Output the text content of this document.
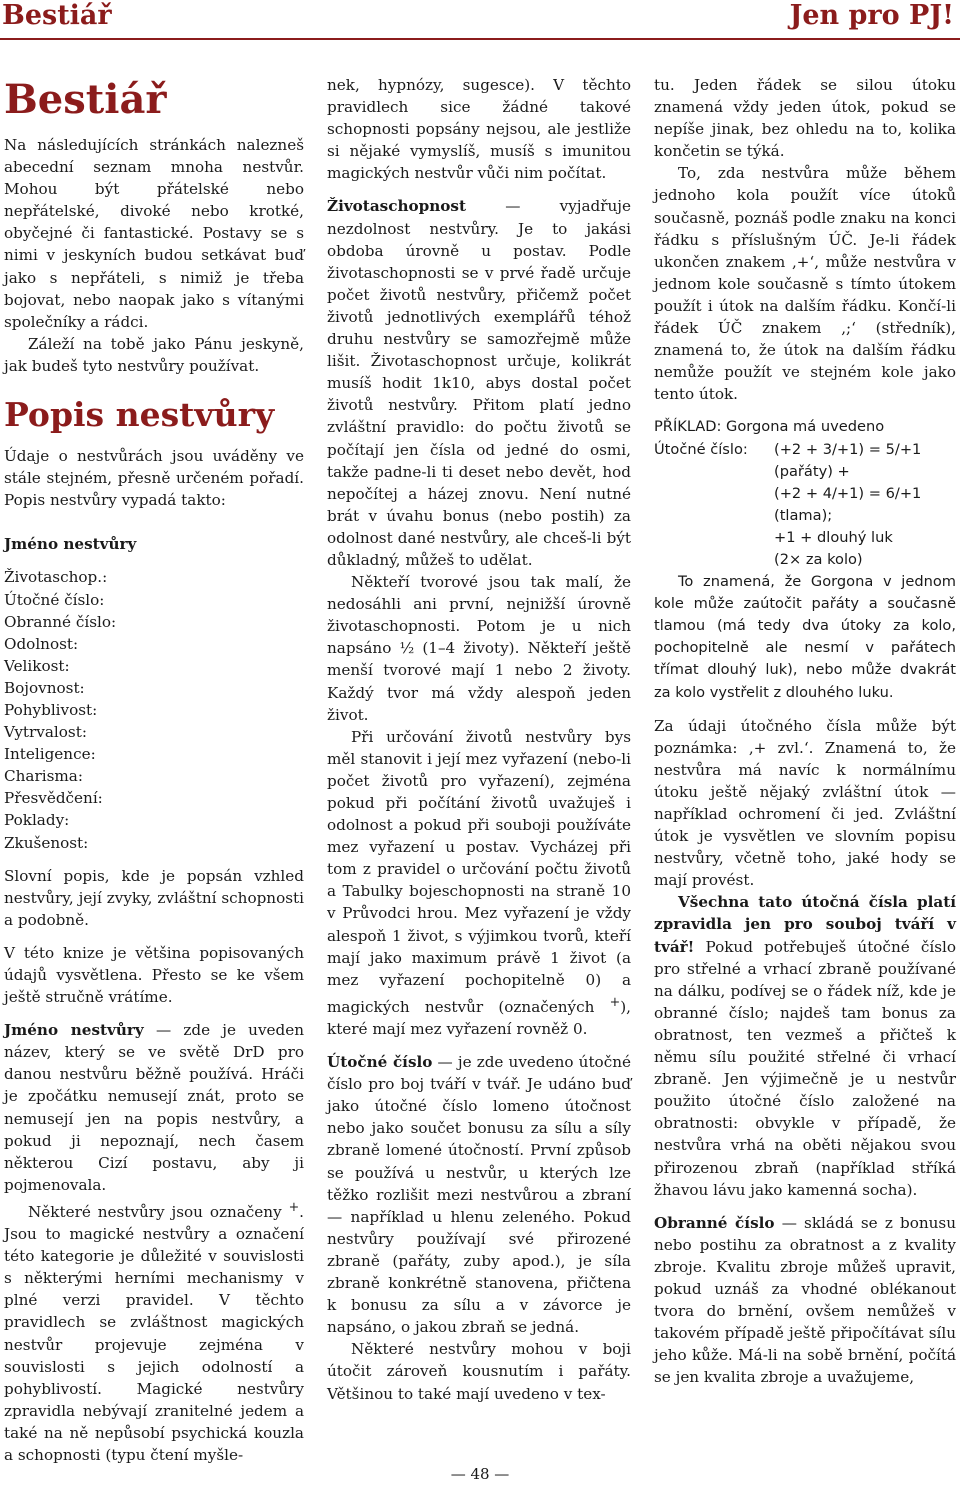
Bestiář	Jen pro PJ!
Bestiář

Na následujících stránkách nalezneš abecední seznam mnoha nestvůr. Mohou být přátelské nebo nepřátelské, divoké nebo krotké, obyčejné či fantastické. Postavy se s nimi v jeskyních budou setkávat buď jako s nepřáteli, s nimiž je třeba bojovat, nebo naopak jako s vítanými společníky a rádci.

Záleží na tobě jako Pánu jeskyně, jak budeš tyto nestvůry používat.

Popis nestvůry

Údaje o nestvůrách jsou uváděny ve stále stejném, přesně určeném pořadí. Popis nestvůry vypadá takto:

Jméno nestvůry

Životaschop.:

Útočné číslo:

Obranné číslo:

Odolnost:

Velikost:

Bojovnost:

Pohyblivost:

Vytrvalost:

Inteligence:

Charisma:

Přesvědčení:

Poklady:

Zkušenost:

Slovní popis, kde je popsán vzhled nestvůry, její zvyky, zvláštní schopnosti a podobně.

V této knize je většina popisovaných údajů vysvětlena. Přesto se ke všem ještě stručně vrátíme.

Jméno nestvůry — zde je uveden název, který se ve světě DrD pro danou nestvůru běžně používá. Hráči je zpočátku nemusejí znát, proto se nemusejí jen na popis nestvůry, a pokud ji nepoznají, nech časem některou Cizí postavu, aby ji pojmenovala.

Některé nestvůry jsou označeny +. Jsou to magické nestvůry a označení této kategorie je důležité v souvislosti s některými herními mechanismy v plné verzi pravidel. V těchto pravidlech se zvláštnost magických nestvůr projevuje zejména v souvislosti s jejich odolností a pohyblivostí. Magické nestvůry zpravidla nebývají zranitelné jedem a také na ně nepůsobí psychická kouzla a schopnosti (typu čtení myšle-

nek, hypnózy, sugesce). V těchto pravidlech sice žádné takové schopnosti popsány nejsou, ale jestliže si nějaké vymyslíš, musíš s imunitou magických nestvůr vůči nim počítat.

Životaschopnost — vyjadřuje nezdolnost nestvůry. Je to jakási obdoba úrovně u postav. Podle životaschopnosti se v prvé řadě určuje počet životů nestvůry, přičemž počet životů jednotlivých exemplářů téhož druhu nestvůry se samozřejmě může lišit. Životaschopnost určuje, kolikrát musíš hodit 1k10, abys dostal počet životů nestvůry. Přitom platí jedno zvláštní pravidlo: do počtu životů se počítají jen čísla od jedné do osmi, takže padne-li ti deset nebo devět, hod nepočítej a házej znovu. Není nutné brát v úvahu bonus (nebo postih) za odolnost dané nestvůry, ale chceš-li být důkladný, můžeš to udělat.

Někteří tvorové jsou tak malí, že nedosáhli ani první, nejnižší úrovně životaschopnosti. Potom je u nich napsáno ½ (1–4 životy). Někteří ještě menší tvorové mají 1 nebo 2 životy. Každý tvor má vždy alespoň jeden život.

Při určování životů nestvůry bys měl stanovit i její mez vyřazení (nebo-li počet životů pro vyřazení), zejména pokud při počítání životů uvažuješ i odolnost a pokud při souboji používáte mez vyřazení u postav. Vycházej při tom z pravidel o určování počtu životů a Tabulky bojeschopnosti na straně 10 v Průvodci hrou. Mez vyřazení je vždy alespoň 1 život, s výjimkou tvorů, kteří mají jako maximum právě 1 život (a mez vyřazení pochopitelně 0) a magických nestvůr (označených +), které mají mez vyřazení rovněž 0.

Útočné číslo — je zde uvedeno útočné číslo pro boj tváří v tvář. Je udáno buď jako útočné číslo lomeno útočnost nebo jako součet bonusu za sílu a síly zbraně lomené útočností. První způsob se používá u nestvůr, u kterých lze těžko rozlišit mezi nestvůrou a zbraní — například u hlenu zeleného. Pokud nestvůry používají své přirozené zbraně (pařáty, zuby apod.), je síla zbraně konkrétně stanovena, přičtena k bonusu za sílu a v závorce je napsáno, o jakou zbraň se jedná.

Některé nestvůry mohou v boji útočit zároveň kousnutím i pařáty. Většinou to také mají uvedeno v tex-

tu. Jeden řádek se silou útoku znamená vždy jeden útok, pokud se nepíše jinak, bez ohledu na to, kolika končetin se týká.

To, zda nestvůra může během jednoho kola použít více útoků současně, poznáš podle znaku na konci řádku s příslušným ÚČ. Je-li řádek ukončen znakem ‚+‘, může nestvůra v jednom kole současně s tímto útokem použít i útok na dalším řádku. Končí-li řádek ÚČ znakem ‚;‘ (středník), znamená to, že útok na dalším řádku nemůže použít ve stejném kole jako tento útok.

PŘÍKLAD: Gorgona má uvedeno

Útočné číslo:	(+2 + 3/+1) = 5/+1

(pařáty) +

(+2 + 4/+1) = 6/+1

(tlama);

+1 + dlouhý luk

(2× za kolo)

To znamená, že Gorgona v jednom kole může zaútočit pařáty a současně tlamou (má tedy dva útoky za kolo, pochopitelně ale nesmí v pařátech třímat dlouhý luk), nebo může dvakrát za kolo vystřelit z dlouhého luku.

Za údaji útočného čísla může být poznámka: ‚+ zvl.‘. Znamená to, že nestvůra má navíc k normálnímu útoku ještě nějaký zvláštní útok — například ochromení či jed. Zvláštní útok je vysvětlen ve slovním popisu nestvůry, včetně toho, jaké hody se mají provést.

Všechna tato útočná čísla platí zpravidla jen pro souboj tváří v tvář! Pokud potřebuješ útočné číslo pro střelné a vrhací zbraně používané na dálku, podívej se o řádek níž, kde je obranné číslo; najdeš tam bonus za obratnost, ten vezmeš a přičteš k němu sílu použité střelné či vrhací zbraně. Jen výjimečně je u nestvůr použito útočné číslo založené na obratnosti: obvykle v případě, že nestvůra vrhá na oběti nějakou svou přirozenou zbraň (například stříká žhavou lávu jako kamenná socha).

Obranné číslo — skládá se z bonusu nebo postihu za obratnost a z kvality zbroje. Kvalitu zbroje můžeš upravit, pokud uznáš za vhodné oblékanout tvora do brnění, ovšem nemůžeš v takovém případě ještě připočítávat sílu jeho kůže. Má-li na sobě brnění, počítá se jen kvalita zbroje a uvažujeme,

— 48 —
